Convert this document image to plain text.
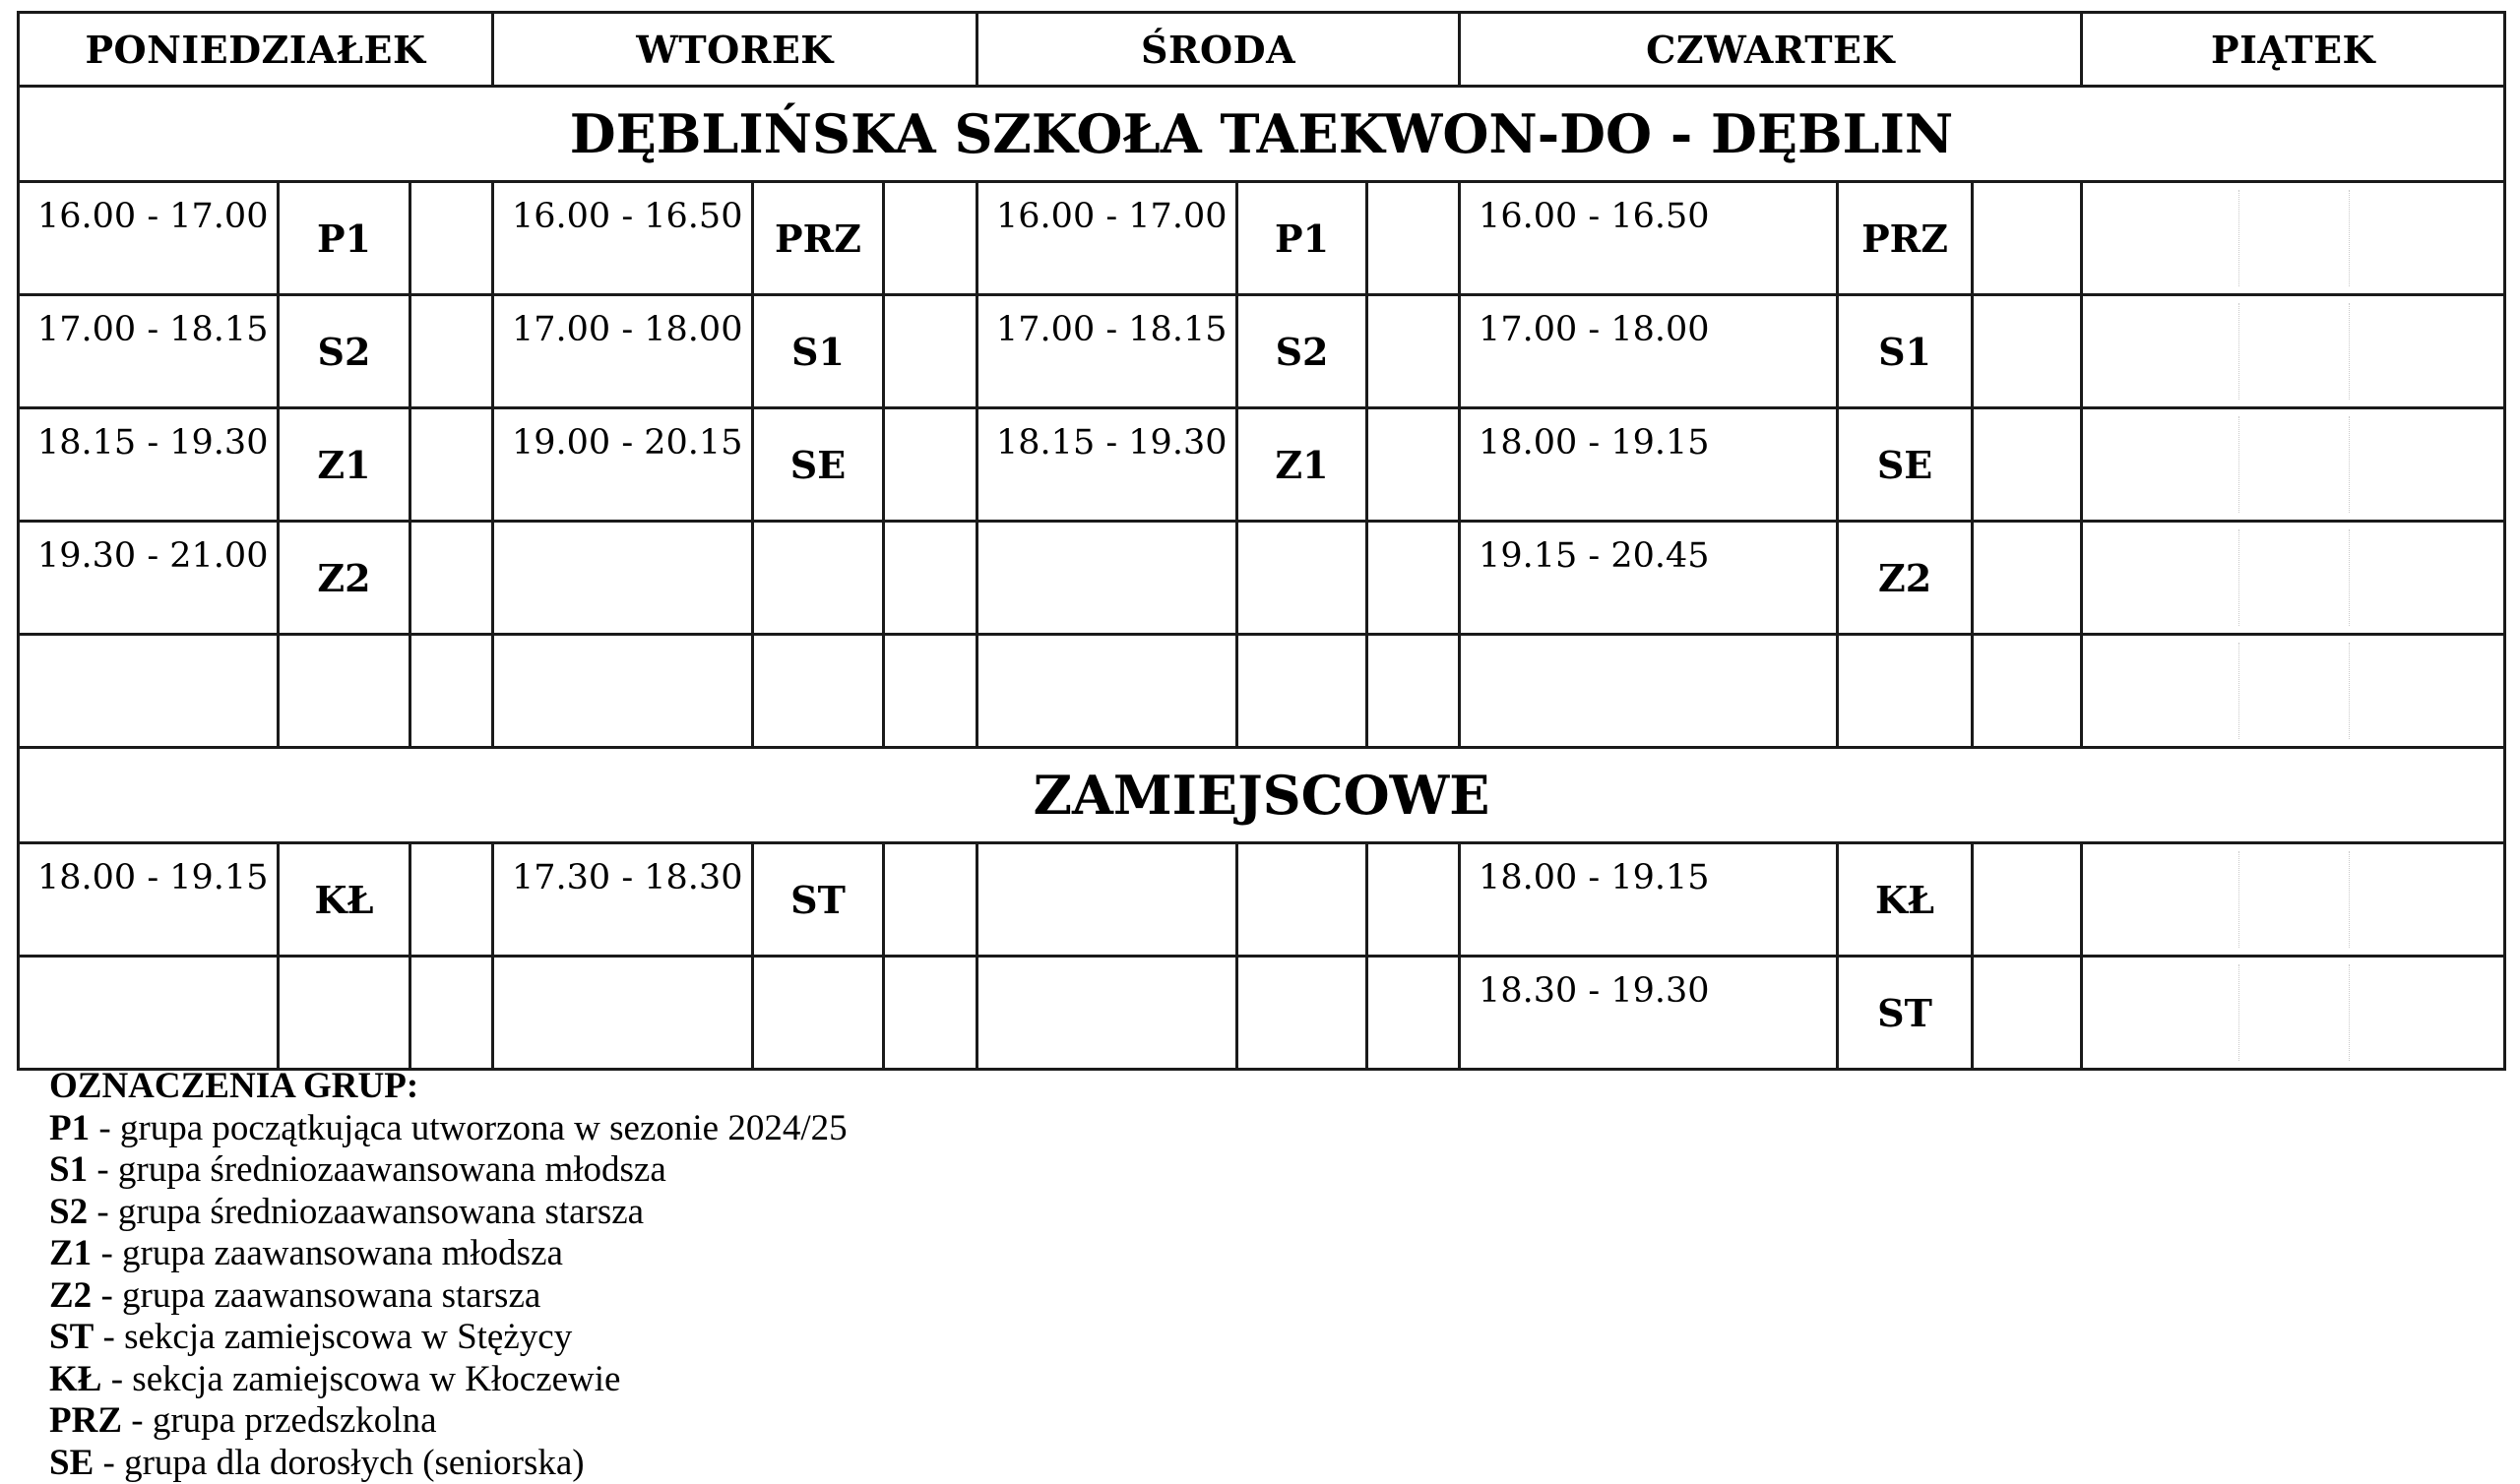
PONIEDZIAŁEK			WTOREK			ŚRODA			CZWARTEK			PIĄTEK
DĘBLIŃSKA SZKOŁA TAEKWON-DO - DĘBLIN												
16.00 - 17.00	P1		16.00 - 16.50	PRZ		16.00 - 17.00	P1		16.00 - 16.50	PRZ		

17.00 - 18.15	S2		17.00 - 18.00	S1		17.00 - 18.15	S2		17.00 - 18.00	S1		

18.15 - 19.30	Z1		19.00 - 20.15	SE		18.15 - 19.30	Z1		18.00 - 19.15	SE		

19.30 - 21.00	Z2								19.15 - 20.45	Z2		

ZAMIEJSCOWE												
18.00 - 19.15	KŁ		17.30 - 18.30	ST					18.00 - 19.15	KŁ		

									18.30 - 19.30	ST		
OZNACZENIA GRUP:
P1 - grupa początkująca utworzona w sezonie 2024/25
S1 - grupa średniozaawansowana młodsza
S2 - grupa średniozaawansowana starsza
Z1 - grupa zaawansowana młodsza
Z2 - grupa zaawansowana starsza
ST - sekcja zamiejscowa w Stężycy
KŁ - sekcja zamiejscowa w Kłoczewie
PRZ - grupa przedszkolna
SE - grupa dla dorosłych (seniorska)
